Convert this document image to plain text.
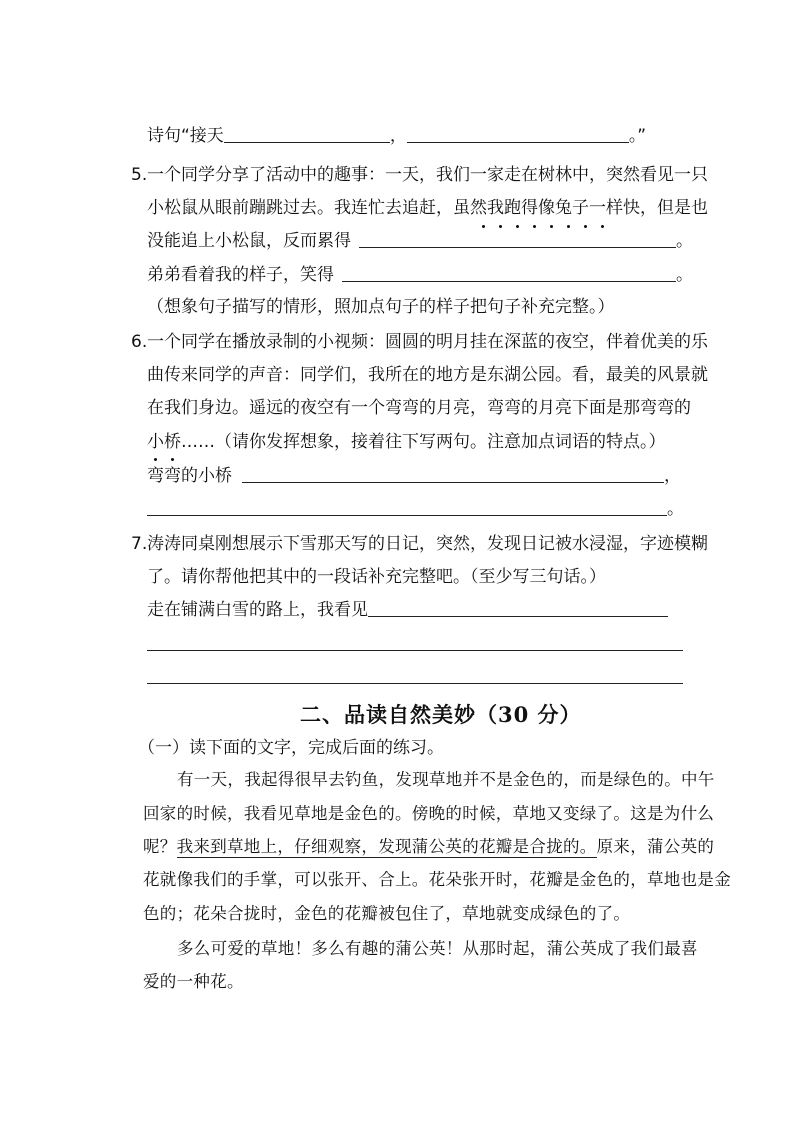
诗句“接天	，	。”
5. 一个同学分享了活动中的趣事：一天，我们一家走在树林中，突然看见一只
小松鼠从眼前蹦跳过去。我连忙去追赶，虽然我跑得像兔子一样快，但是也
没能追上小松鼠，反而累得	。
弟弟看着我的样子，笑得	。
（想象句子描写的情形，照加点句子的样子把句子补充完整。）
6. 一个同学在播放录制的小视频：圆圆的明月挂在深蓝的夜空，伴着优美的乐
曲传来同学的声音：同学们，我所在的地方是东湖公园。看，最美的风景就
在我们身边。遥远的夜空有一个弯弯的月亮，弯弯的月亮下面是那弯弯的
小桥……（请你发挥想象，接着往下写两句。注意加点词语的特点。）
弯弯的小桥	，
。
7. 涛涛同桌刚想展示下雪那天写的日记，突然，发现日记被水浸湿，字迹模糊
了。请你帮他把其中的一段话补充完整吧。（至少写三句话。）
走在铺满白雪的路上，我看见
二、品读自然美妙（30 分）
（一）读下面的文字，完成后面的练习。
有一天，我起得很早去钓鱼，发现草地并不是金色的，而是绿色的。中午
回家的时候，我看见草地是金色的。傍晚的时候，草地又变绿了。这是为什么
呢？我来到草地上，仔细观察，发现蒲公英的花瓣是合拢的。原来，蒲公英的
花就像我们的手掌，可以张开、合上。花朵张开时，花瓣是金色的，草地也是金
色的；花朵合拢时，金色的花瓣被包住了，草地就变成绿色的了。
多么可爱的草地！多么有趣的蒲公英！从那时起，蒲公英成了我们最喜
爱的一种花。
